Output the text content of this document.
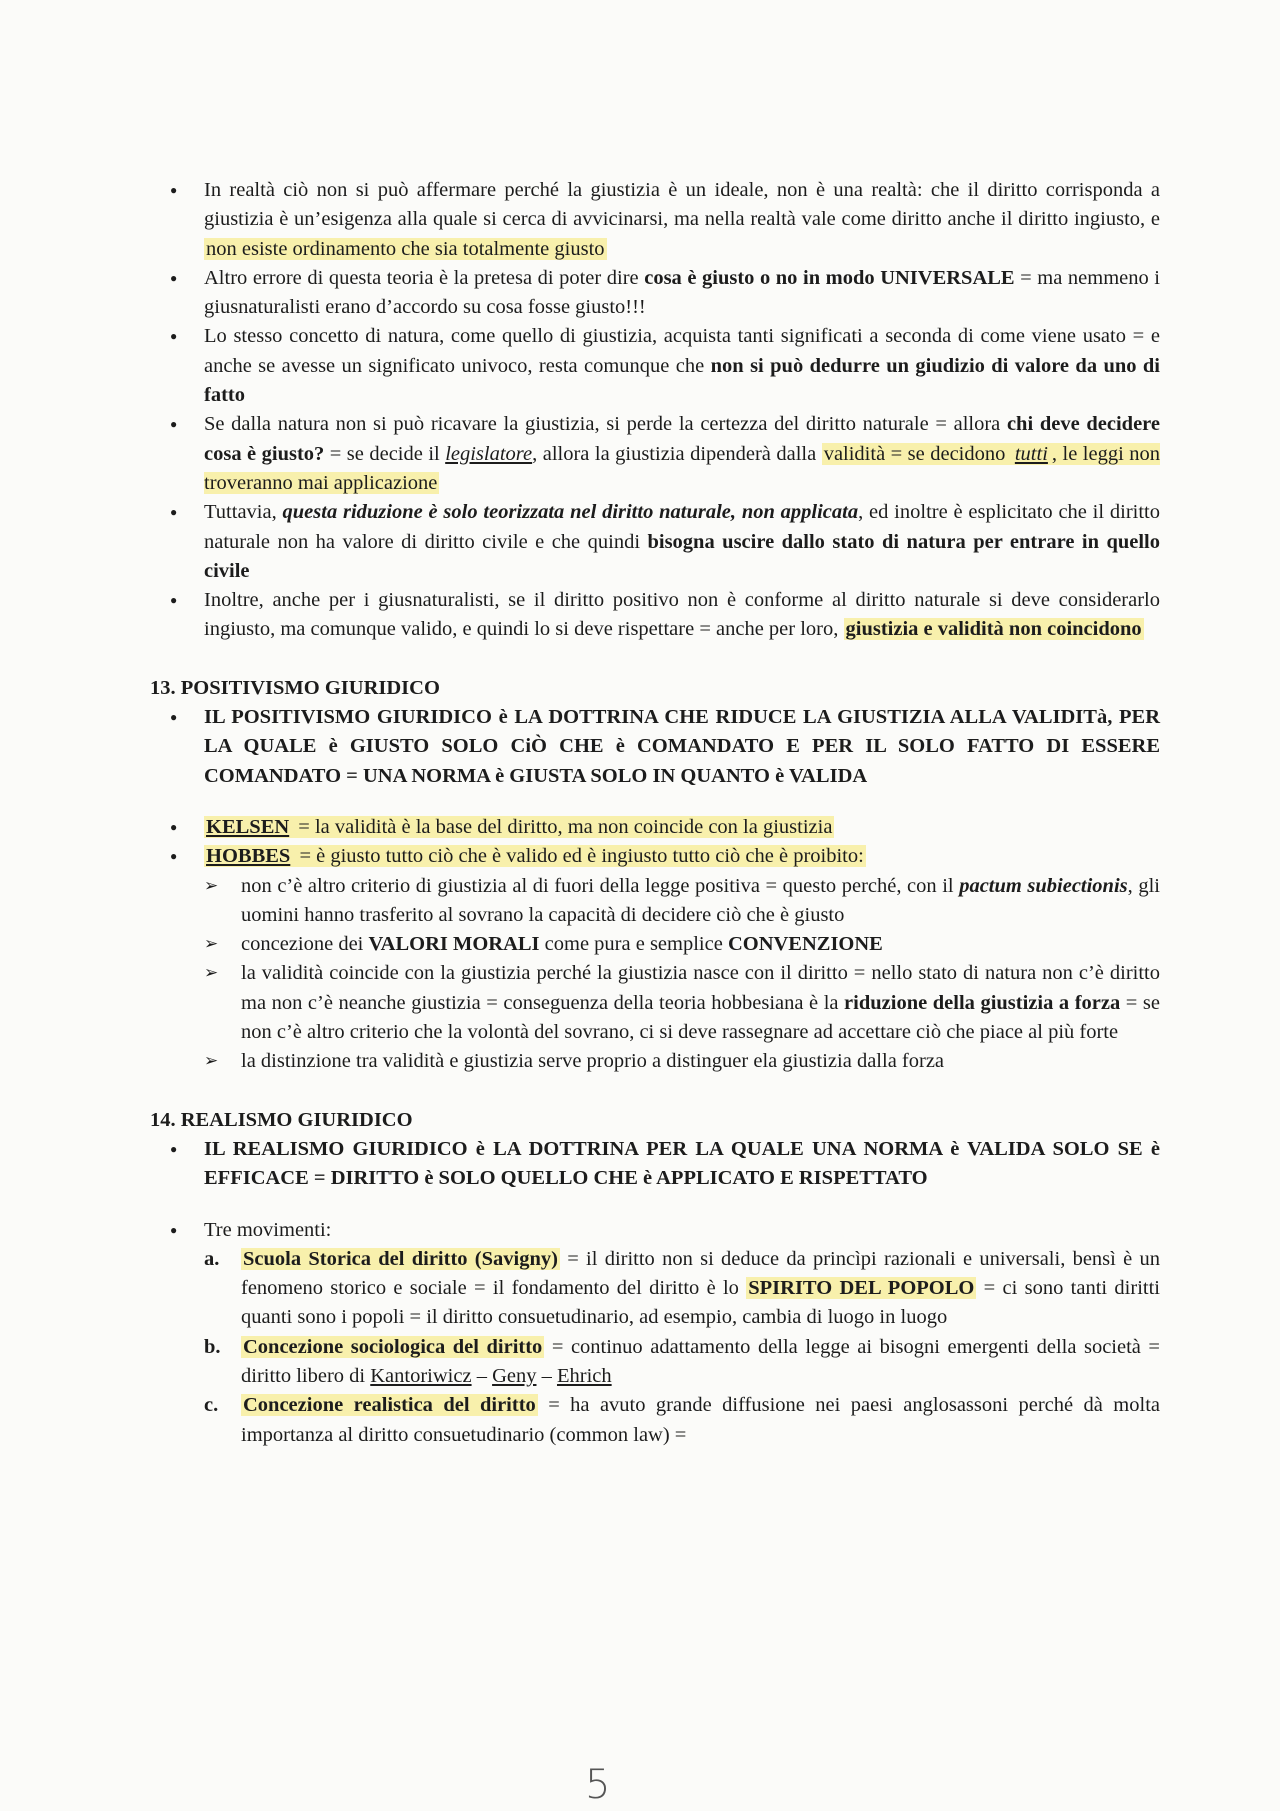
● In realtà ciò non si può affermare perché la giustizia è un ideale, non è una realtà: che il diritto corrisponda a giustizia è un’esigenza alla quale si cerca di avvicinarsi, ma nella realtà vale come diritto anche il diritto ingiusto, e non esiste ordinamento che sia totalmente giusto
● Altro errore di questa teoria è la pretesa di poter dire cosa è giusto o no in modo UNIVERSALE = ma nemmeno i giusnaturalisti erano d’accordo su cosa fosse giusto!!!
● Lo stesso concetto di natura, come quello di giustizia, acquista tanti significati a seconda di come viene usato = e anche se avesse un significato univoco, resta comunque che non si può dedurre un giudizio di valore da uno di fatto
● Se dalla natura non si può ricavare la giustizia, si perde la certezza del diritto naturale = allora chi deve decidere cosa è giusto? = se decide il legislatore, allora la giustizia dipenderà dalla validità = se decidono tutti , le leggi non troveranno mai applicazione
● Tuttavia, questa riduzione è solo teorizzata nel diritto naturale, non applicata, ed inoltre è esplicitato che il diritto naturale non ha valore di diritto civile e che quindi bisogna uscire dallo stato di natura per entrare in quello civile
● Inoltre, anche per i giusnaturalisti, se il diritto positivo non è conforme al diritto naturale si deve considerarlo ingiusto, ma comunque valido, e quindi lo si deve rispettare = anche per loro, giustizia e validità non coincidono
13. POSITIVISMO GIURIDICO
● IL POSITIVISMO GIURIDICO è LA DOTTRINA CHE RIDUCE LA GIUSTIZIA ALLA VALIDITà, PER LA QUALE è GIUSTO SOLO CiÒ CHE è COMANDATO E PER IL SOLO FATTO DI ESSERE COMANDATO = UNA NORMA è GIUSTA SOLO IN QUANTO è VALIDA
● KELSEN = la validità è la base del diritto, ma non coincide con la giustizia
● HOBBES = è giusto tutto ciò che è valido ed è ingiusto tutto ciò che è proibito:
➢ non c’è altro criterio di giustizia al di fuori della legge positiva = questo perché, con il pactum subiectionis, gli uomini hanno trasferito al sovrano la capacità di decidere ciò che è giusto
➢ concezione dei VALORI MORALI come pura e semplice CONVENZIONE
➢ la validità coincide con la giustizia perché la giustizia nasce con il diritto = nello stato di natura non c’è diritto ma non c’è neanche giustizia = conseguenza della teoria hobbesiana è la riduzione della giustizia a forza = se non c’è altro criterio che la volontà del sovrano, ci si deve rassegnare ad accettare ciò che piace al più forte
➢ la distinzione tra validità e giustizia serve proprio a distinguer ela giustizia dalla forza
14. REALISMO GIURIDICO
● IL REALISMO GIURIDICO è LA DOTTRINA PER LA QUALE UNA NORMA è VALIDA SOLO SE è EFFICACE = DIRITTO è SOLO QUELLO CHE è APPLICATO E RISPETTATO
● Tre movimenti:
a. Scuola Storica del diritto (Savigny) = il diritto non si deduce da princìpi razionali e universali, bensì è un fenomeno storico e sociale = il fondamento del diritto è lo SPIRITO DEL POPOLO = ci sono tanti diritti quanti sono i popoli = il diritto consuetudinario, ad esempio, cambia di luogo in luogo
b. Concezione sociologica del diritto = continuo adattamento della legge ai bisogni emergenti della società = diritto libero di Kantoriwicz – Geny – Ehrich
c. Concezione realistica del diritto = ha avuto grande diffusione nei paesi anglosassoni perché dà molta importanza al diritto consuetudinario (common law) =
5
